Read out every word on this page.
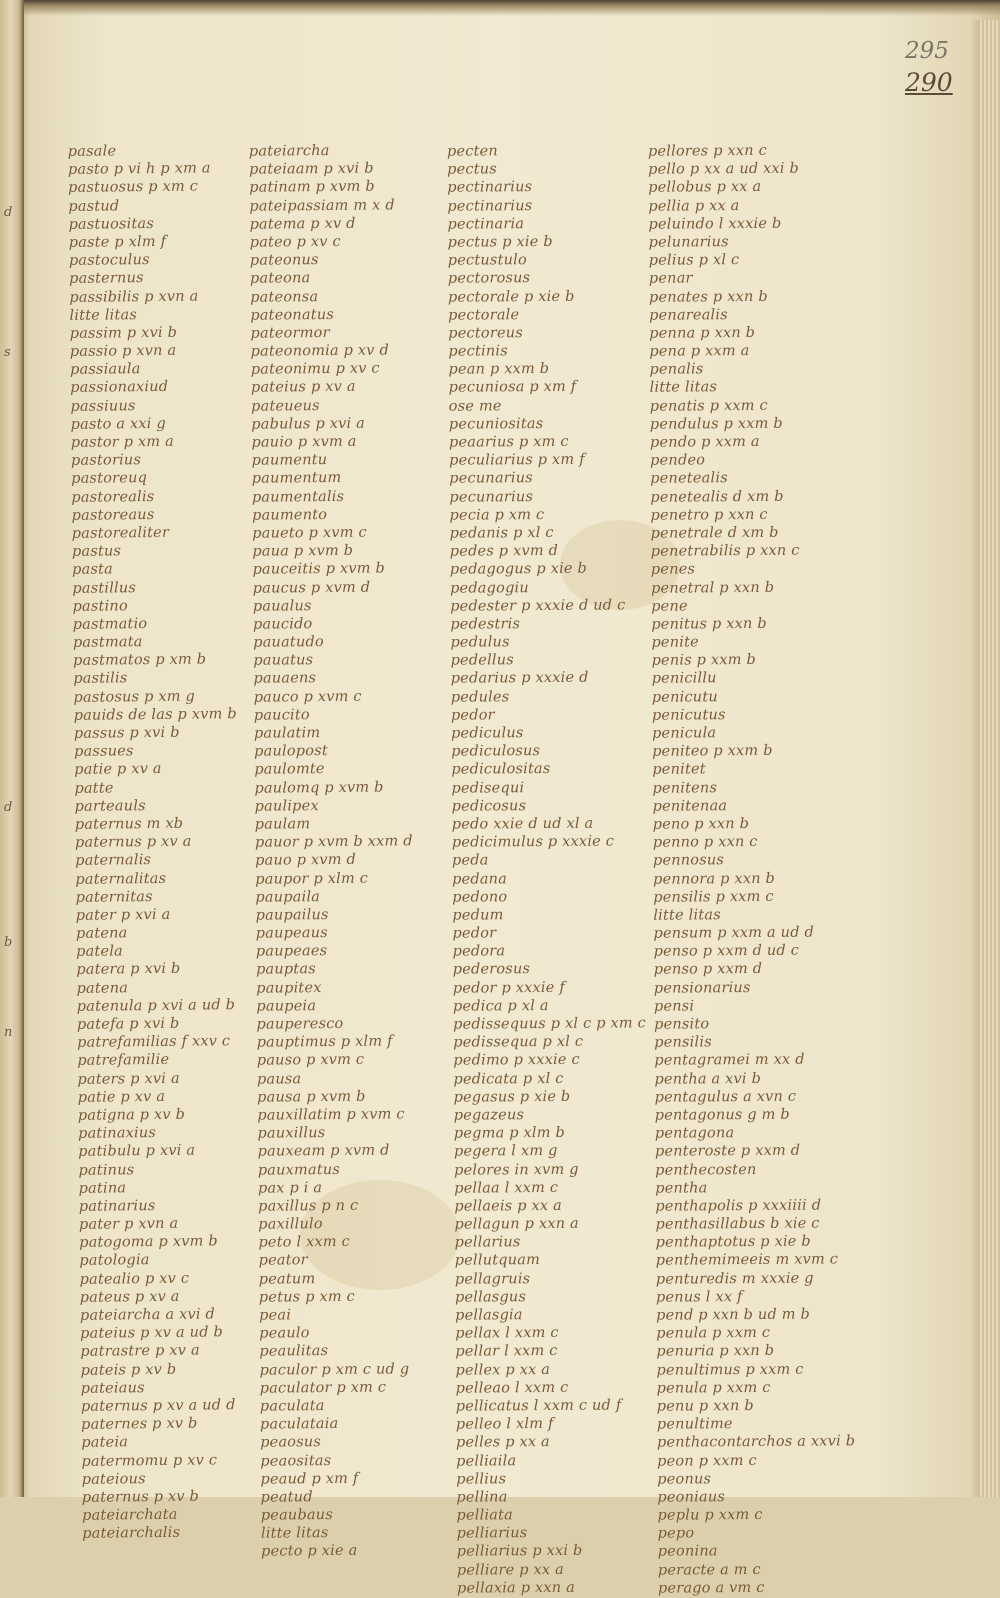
d
s
d
b
n
295
290
pasale
pasto p vi h p xm a
pastuosus p xm c
pastud
pastuositas
paste p xlm f
pastoculus
pasternus
passibilis p xvn a
litte litas
passim p xvi b
passio p xvn a
passiaula
passionaxiud
passiuus
pasto a xxi g
pastor p xm a
pastorius
pastoreuq
pastorealis
pastoreaus
pastorealiter
pastus
pasta
pastillus
pastino
pastmatio
pastmata
pastmatos p xm b
pastilis
pastosus p xm g
pauids de las p xvm b
passus p xvi b
passues
patie p xv a
patte
parteauls
paternus m xb
paternus p xv a
paternalis
paternalitas
paternitas
pater p xvi a
patena
patela
patera p xvi b
patena
patenula p xvi a ud b
patefa p xvi b
patrefamilias f xxv c
patrefamilie
paters p xvi a
patie p xv a
patigna p xv b
patinaxius
patibulu p xvi a
patinus
patina
patinarius
pater p xvn a
patogoma p xvm b
patologia
patealio p xv c
pateus p xv a
pateiarcha a xvi d
pateius p xv a ud b
patrastre p xv a
pateis p xv b
pateiaus
paternus p xv a ud d
paternes p xv b
pateia
patermomu p xv c
pateious
paternus p xv b
pateiarchata
pateiarchalis
pateiarcha
pateiaam p xvi b
patinam p xvm b
pateipassiam m x d
patema p xv d
pateo p xv c
pateonus
pateona
pateonsa
pateonatus
pateormor
pateonomia p xv d
pateonimu p xv c
pateius p xv a
pateueus
pabulus p xvi a
pauio p xvm a
paumentu
paumentum
paumentalis
paumento
paueto p xvm c
paua p xvm b
pauceitis p xvm b
paucus p xvm d
paualus
paucido
pauatudo
pauatus
pauaens
pauco p xvm c
paucito
paulatim
paulopost
paulomte
paulomq p xvm b
paulipex
paulam
pauor p xvm b xxm d
pauo p xvm d
paupor p xlm c
paupaila
paupailus
paupeaus
paupeaes
pauptas
paupitex
paupeia
pauperesco
pauptimus p xlm f
pauso p xvm c
pausa
pausa p xvm b
pauxillatim p xvm c
pauxillus
pauxeam p xvm d
pauxmatus
pax p i a
paxillus p n c
paxillulo
peto l xxm c
peator
peatum
petus p xm c
peai
peaulo
peaulitas
paculor p xm c ud g
paculator p xm c
paculata
paculataia
peaosus
peaositas
peaud p xm f
peatud
peaubaus
litte litas
pecto p xie a
pecten
pectus
pectinarius
pectinarius
pectinaria
pectus p xie b
pectustulo
pectorosus
pectorale p xie b
pectorale
pectoreus
pectinis
pean p xxm b
pecuniosa p xm f
ose me
pecuniositas
peaarius p xm c
peculiarius p xm f
pecunarius
pecunarius
pecia p xm c
pedanis p xl c
pedes p xvm d
pedagogus p xie b
pedagogiu
pedester p xxxie d ud c
pedestris
pedulus
pedellus
pedarius p xxxie d
pedules
pedor
pediculus
pediculosus
pediculositas
pedisequi
pedicosus
pedo xxie d ud xl a
pedicimulus p xxxie c
peda
pedana
pedono
pedum
pedor
pedora
pederosus
pedor p xxxie f
pedica p xl a
pedissequus p xl c p xm c
pedissequa p xl c
pedimo p xxxie c
pedicata p xl c
pegasus p xie b
pegazeus
pegma p xlm b
pegera l xm g
pelores in xvm g
pellaa l xxm c
pellaeis p xx a
pellagun p xxn a
pellarius
pellutquam
pellagruis
pellasgus
pellasgia
pellax l xxm c
pellar l xxm c
pellex p xx a
pelleao l xxm c
pellicatus l xxm c ud f
pelleo l xlm f
pelles p xx a
pelliaila
pellius
pellina
pelliata
pelliarius
pelliarius p xxi b
pelliare p xx a
pellaxia p xxn a
pellores p xxn c
pello p xx a ud xxi b
pellobus p xx a
pellia p xx a
peluindo l xxxie b
pelunarius
pelius p xl c
penar
penates p xxn b
penarealis
penna p xxn b
pena p xxm a
penalis
litte litas
penatis p xxm c
pendulus p xxm b
pendo p xxm a
pendeo
penetealis
penetealis d xm b
penetro p xxn c
penetrale d xm b
penetrabilis p xxn c
penes
penetral p xxn b
pene
penitus p xxn b
penite
penis p xxm b
penicillu
penicutu
penicutus
penicula
peniteo p xxm b
penitet
penitens
penitenaa
peno p xxn b
penno p xxn c
pennosus
pennora p xxn b
pensilis p xxm c
litte litas
pensum p xxm a ud d
penso p xxm d ud c
penso p xxm d
pensionarius
pensi
pensito
pensilis
pentagramei m xx d
pentha a xvi b
pentagulus a xvn c
pentagonus g m b
pentagona
penteroste p xxm d
penthecosten
pentha
penthapolis p xxxiiii d
penthasillabus b xie c
penthaptotus p xie b
penthemimeeis m xvm c
penturedis m xxxie g
penus l xx f
pend p xxn b ud m b
penula p xxm c
penuria p xxn b
penultimus p xxm c
penula p xxm c
penu p xxn b
penultime
penthacontarchos a xxvi b
peon p xxm c
peonus
peoniaus
peplu p xxm c
pepo
peonina
peracte a m c
perago a vm c
